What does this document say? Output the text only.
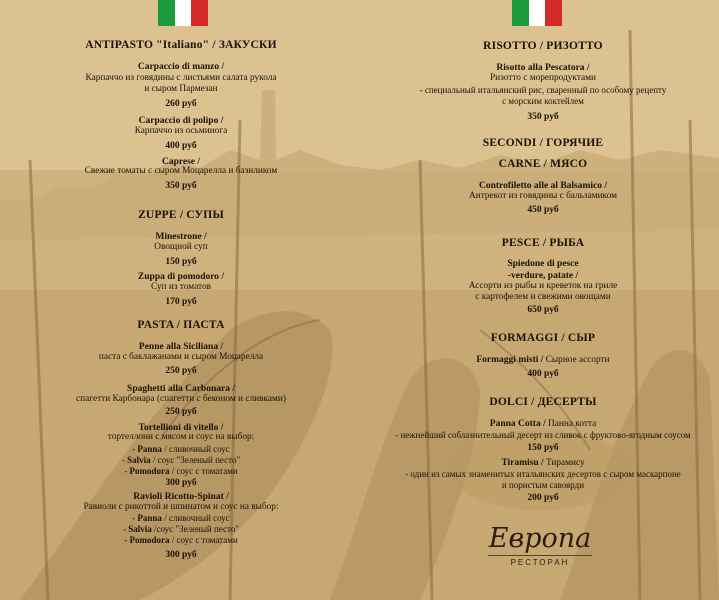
ANTIPASTO "Italiano" / ЗАКУСКИ
Carpaccio di manzo /
Карпаччо из говядины с листьями салата рукола
и сыром Пармезан
260 руб
Carpaccio di polipo /
Карпаччо из осьминога
400 руб
Caprese /
Свежие томаты с сыром Моцарелла и базиликом
350 руб
ZUPPE / СУПЫ
Minestrone /
Овощной суп
150 руб
Zuppa di pomodoro /
Суп из томатов
170 руб
PASTA / ПАСТА
Penne alla Siciliana /
паста с баклажанами и сыром Моцарелла
250 руб
Spaghetti alla Carbonara /
спагетти Карбонара (спагетти с беконом и сливками)
250 руб
Tortellioni di vitello /
тортеллони с мясом и соус на выбор:
- Panna / сливочный соус
- Salvia / соус "Зеленый песто"
- Pomodora / соус с томатами
300 руб
Ravioli Ricotto-Spinat /
Равиоли с рикоттой и шпинатом и соус на выбор:
- Panna / сливочный соус
- Salvia /соус "Зеленый песто"
- Pomodora / соус с томатами
300 руб
RISOTTO / РИЗОТТО
Risotto alla Pescatora /
Ризотто с морепродуктами
- специальный итальянский рис, сваренный по особому рецепту
с морским коктейлем
350 руб
SECONDI / ГОРЯЧИЕ
CARNE / МЯСО
Controfiletto alle al Balsamico /
Антрекот из говядины с бальзамиком
450 руб
PESCE / РЫБА
Spiedone di pesce
-verdure, patate /
Ассорти из рыбы и креветок на гриле
с картофелем и свежими овощами
650 руб
FORMAGGI / СЫР
Formaggi misti / Сырное ассорти
400 руб
DOLCI / ДЕСЕРТЫ
Panna Cotta / Панна котта
- нежнейший соблазнительный десерт из сливок с фруктово-ягодным соусом
150 руб
Tiramisu / Тирамису
- один из самых знаменитых итальянских десертов с сыром маскарпоне
и пористым савоярди
200 руб
Европа
РЕСТОРАН
